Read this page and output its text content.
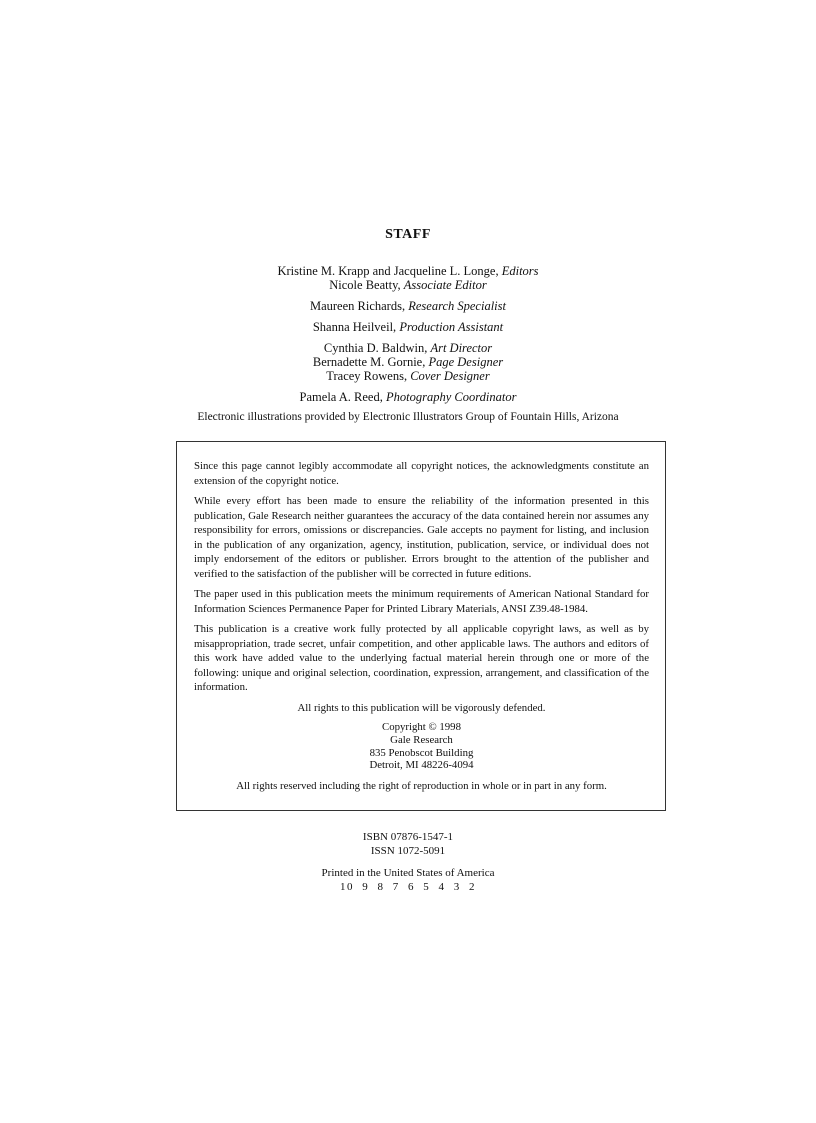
STAFF
Kristine M. Krapp and Jacqueline L. Longe, Editors
Nicole Beatty, Associate Editor
Maureen Richards, Research Specialist
Shanna Heilveil, Production Assistant
Cynthia D. Baldwin, Art Director
Bernadette M. Gornie, Page Designer
Tracey Rowens, Cover Designer
Pamela A. Reed, Photography Coordinator
Electronic illustrations provided by Electronic Illustrators Group of Fountain Hills, Arizona

Since this page cannot legibly accommodate all copyright notices, the acknowledgments constitute an extension of the copyright notice.

While every effort has been made to ensure the reliability of the information presented in this publication, Gale Research neither guarantees the accuracy of the data contained herein nor assumes any responsibility for errors, omissions or discrepancies. Gale accepts no payment for listing, and inclusion in the publication of any organization, agency, institution, publication, service, or individual does not imply endorsement of the editors or publisher. Errors brought to the attention of the publisher and verified to the satisfaction of the publisher will be corrected in future editions.

The paper used in this publication meets the minimum requirements of American National Standard for Information Sciences Permanence Paper for Printed Library Materials, ANSI Z39.48-1984.

This publication is a creative work fully protected by all applicable copyright laws, as well as by misappropriation, trade secret, unfair competition, and other applicable laws. The authors and editors of this work have added value to the underlying factual material herein through one or more of the following: unique and original selection, coordination, expression, arrangement, and classification of the information.

All rights to this publication will be vigorously defended.

Copyright © 1998
Gale Research
835 Penobscot Building
Detroit, MI 48226-4094

All rights reserved including the right of reproduction in whole or in part in any form.

ISBN 07876-1547-1
ISSN 1072-5091
Printed in the United States of America
10 9 8 7 6 5 4 3 2
